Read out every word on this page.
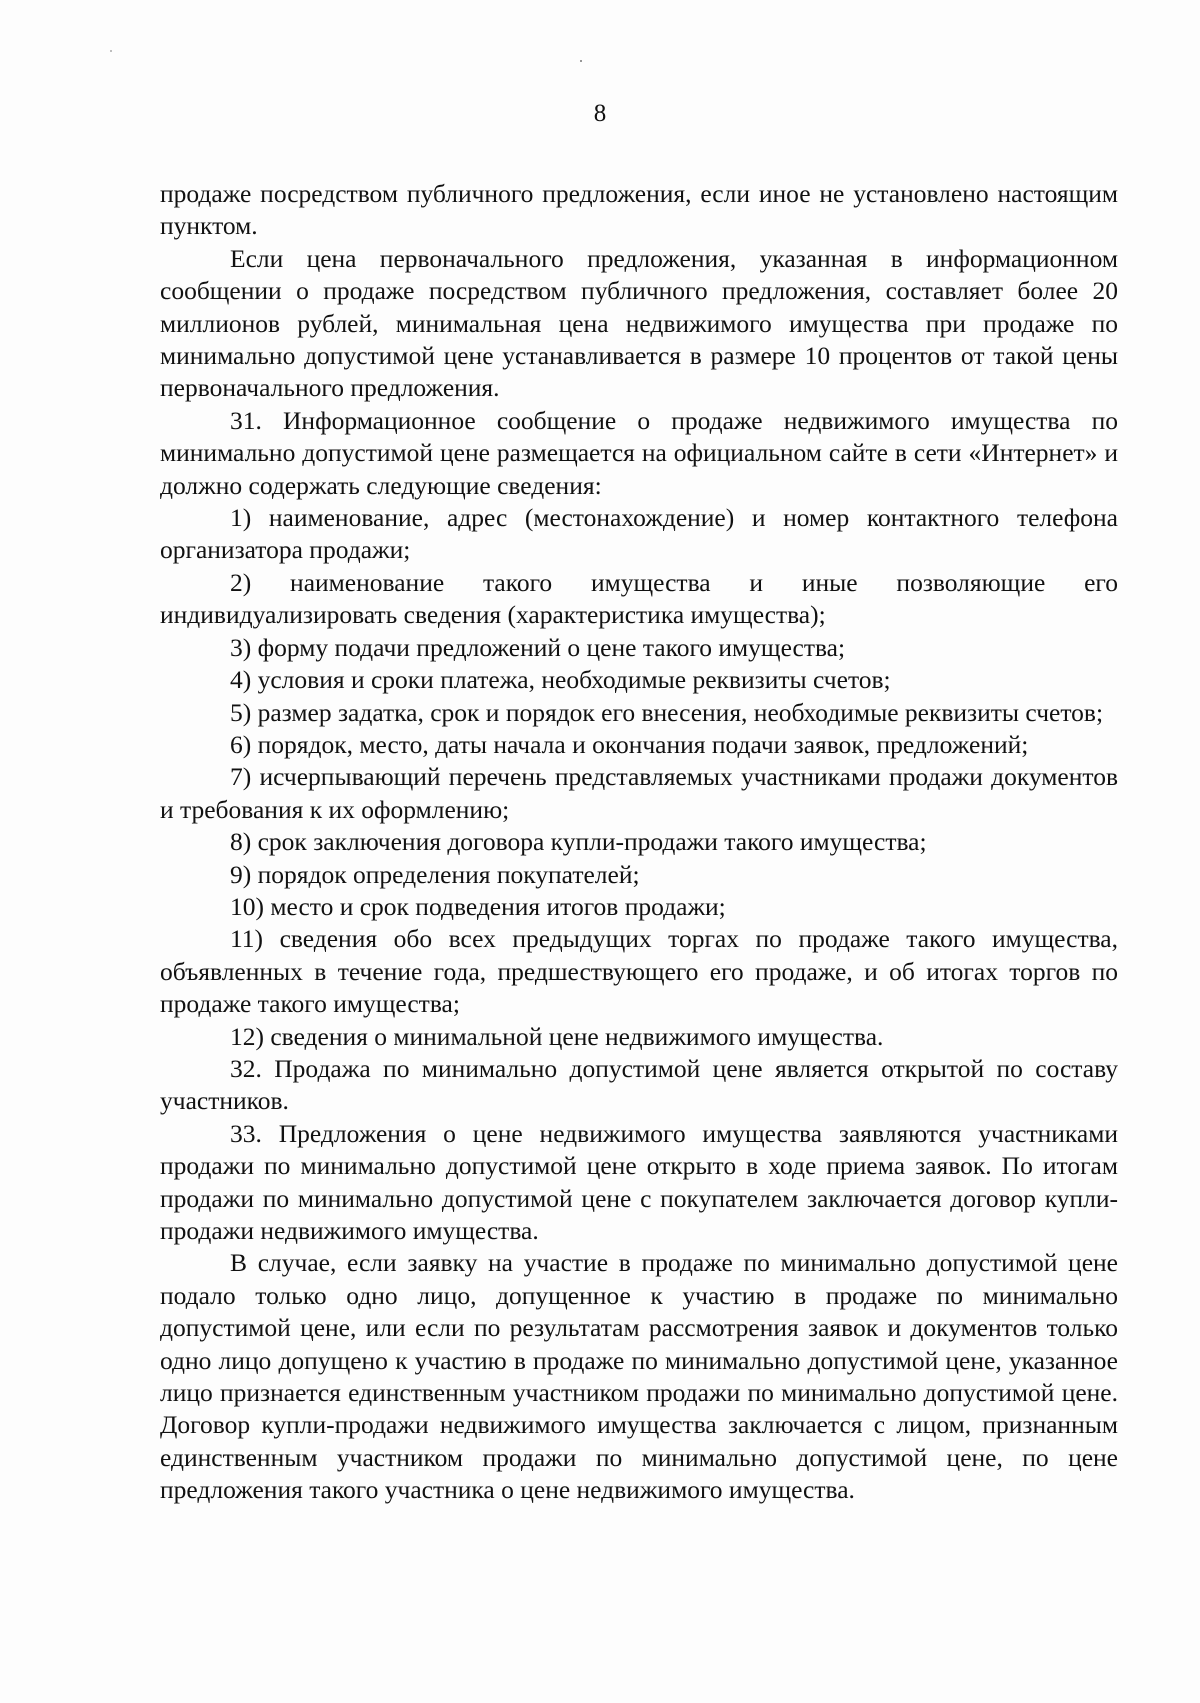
8

продаже посредством публичного предложения, если иное не установлено настоящим пунктом.

Если цена первоначального предложения, указанная в информационном сообщении о продаже посредством публичного предложения, составляет более 20 миллионов рублей, минимальная цена недвижимого имущества при продаже по минимально допустимой цене устанавливается в размере 10 процентов от такой цены первоначального предложения.

31. Информационное сообщение о продаже недвижимого имущества по минимально допустимой цене размещается на официальном сайте в сети «Интернет» и должно содержать следующие сведения:

1) наименование, адрес (местонахождение) и номер контактного телефона организатора продажи;

2) наименование такого имущества и иные позволяющие его индивидуализировать сведения (характеристика имущества);

3) форму подачи предложений о цене такого имущества;

4) условия и сроки платежа, необходимые реквизиты счетов;

5) размер задатка, срок и порядок его внесения, необходимые реквизиты счетов;

6) порядок, место, даты начала и окончания подачи заявок, предложений;

7) исчерпывающий перечень представляемых участниками продажи документов и требования к их оформлению;

8) срок заключения договора купли-продажи такого имущества;

9) порядок определения покупателей;

10) место и срок подведения итогов продажи;

11) сведения обо всех предыдущих торгах по продаже такого имущества, объявленных в течение года, предшествующего его продаже, и об итогах торгов по продаже такого имущества;

12) сведения о минимальной цене недвижимого имущества.

32. Продажа по минимально допустимой цене является открытой по составу участников.

33. Предложения о цене недвижимого имущества заявляются участниками продажи по минимально допустимой цене открыто в ходе приема заявок. По итогам продажи по минимально допустимой цене с покупателем заключается договор купли-продажи недвижимого имущества.

В случае, если заявку на участие в продаже по минимально допустимой цене подало только одно лицо, допущенное к участию в продаже по минимально допустимой цене, или если по результатам рассмотрения заявок и документов только одно лицо допущено к участию в продаже по минимально допустимой цене, указанное лицо признается единственным участником продажи по минимально допустимой цене. Договор купли-продажи недвижимого имущества заключается с лицом, признанным единственным участником продажи по минимально допустимой цене, по цене предложения такого участника о цене недвижимого имущества.
